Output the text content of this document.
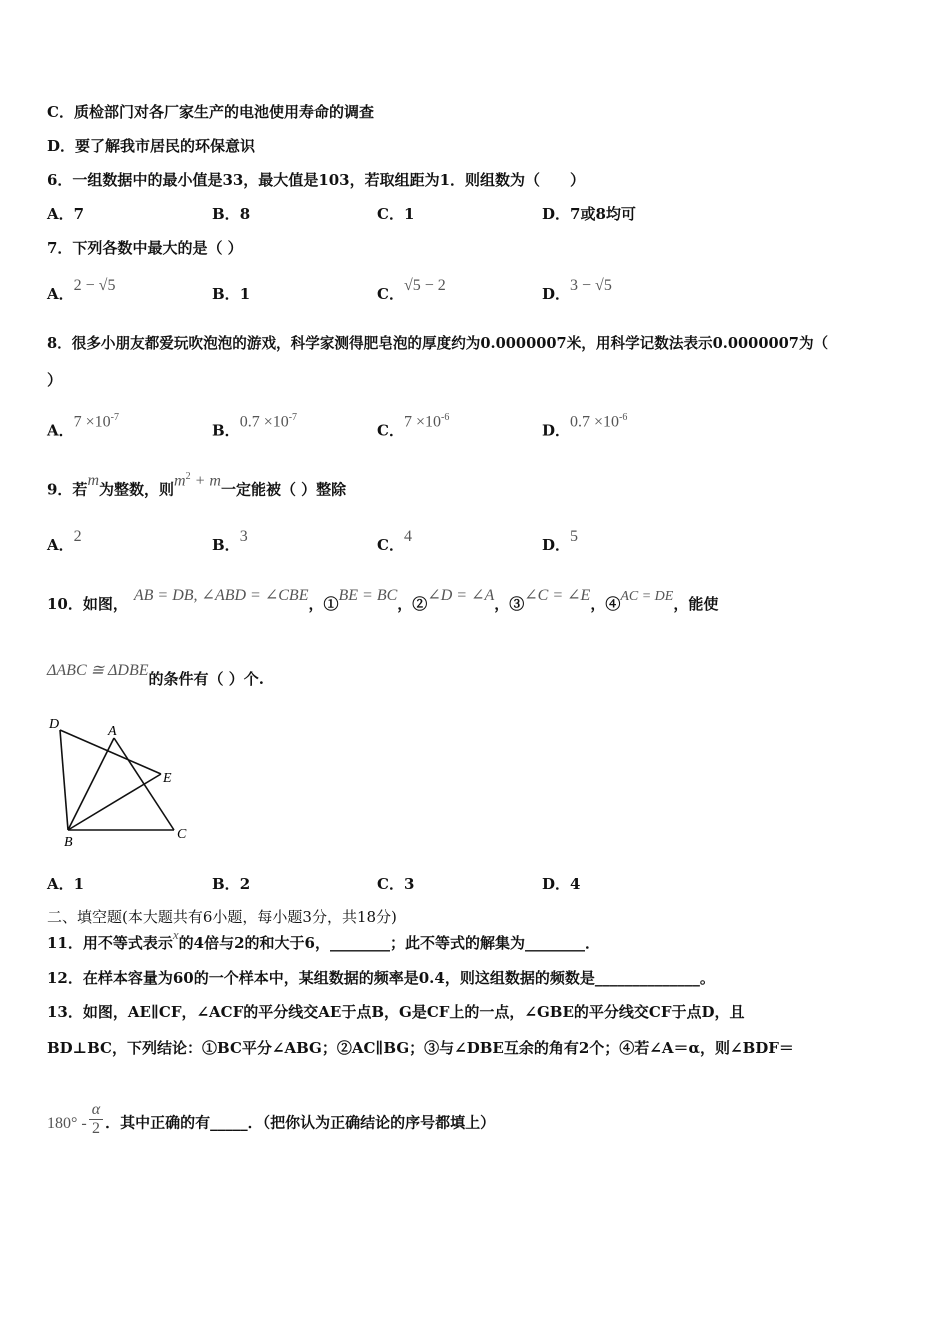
C．质检部门对各厂家生产的电池使用寿命的调查
D．要了解我市居民的环保意识
6．一组数据中的最小值是33，最大值是103，若取组距为1．则组数为（　　）
A．7	B．8	C．1	D．7或8均可
7．下列各数中最大的是（ ）
A．2 − √5	B．1	C．√5 − 2	D．3 − √5
8．很多小朋友都爱玩吹泡泡的游戏，科学家测得肥皂泡的厚度约为0.0000007米，用科学记数法表示0.0000007为（
）
A．$7 \times 10^{-7}$
B．$0.7 \times 10^{-7}$
C．$7 \times 10^{-6}$
D．$0.7 \times 10^{-6}$
9．若m为整数，则$m^2 + m$一定能被（ ）整除
A．2	B．3	C．4	D．5
10．如图， AB = DB, ∠ABD = ∠CBE，①BE = BC，②∠D = ∠A，③∠C = ∠E，④AC = DE，能使
ΔABC ≅ ΔDBE的条件有（ ）个.
D	A
E
B
C
A．1	B．2	C．3	D．4
二、填空题(本大题共有6小题，每小题3分，共18分)
11．用不等式表示x的4倍与2的和大于6，________；此不等式的解集为________．
12．在样本容量为60的一个样本中，某组数据的频率是0.4，则这组数据的频数是______________。
13．如图，AE∥CF，∠ACF的平分线交AE于点B，G是CF上的一点，∠GBE的平分线交CF于点D，且
BD⊥BC，下列结论：①BC平分∠ABG；②AC∥BG；③与∠DBE互余的角有2个；④若∠A＝α，则∠BDF＝
$180^\circ - \frac{\alpha}{2}$ ．其中正确的有_____．（把你认为正确结论的序号都填上）
